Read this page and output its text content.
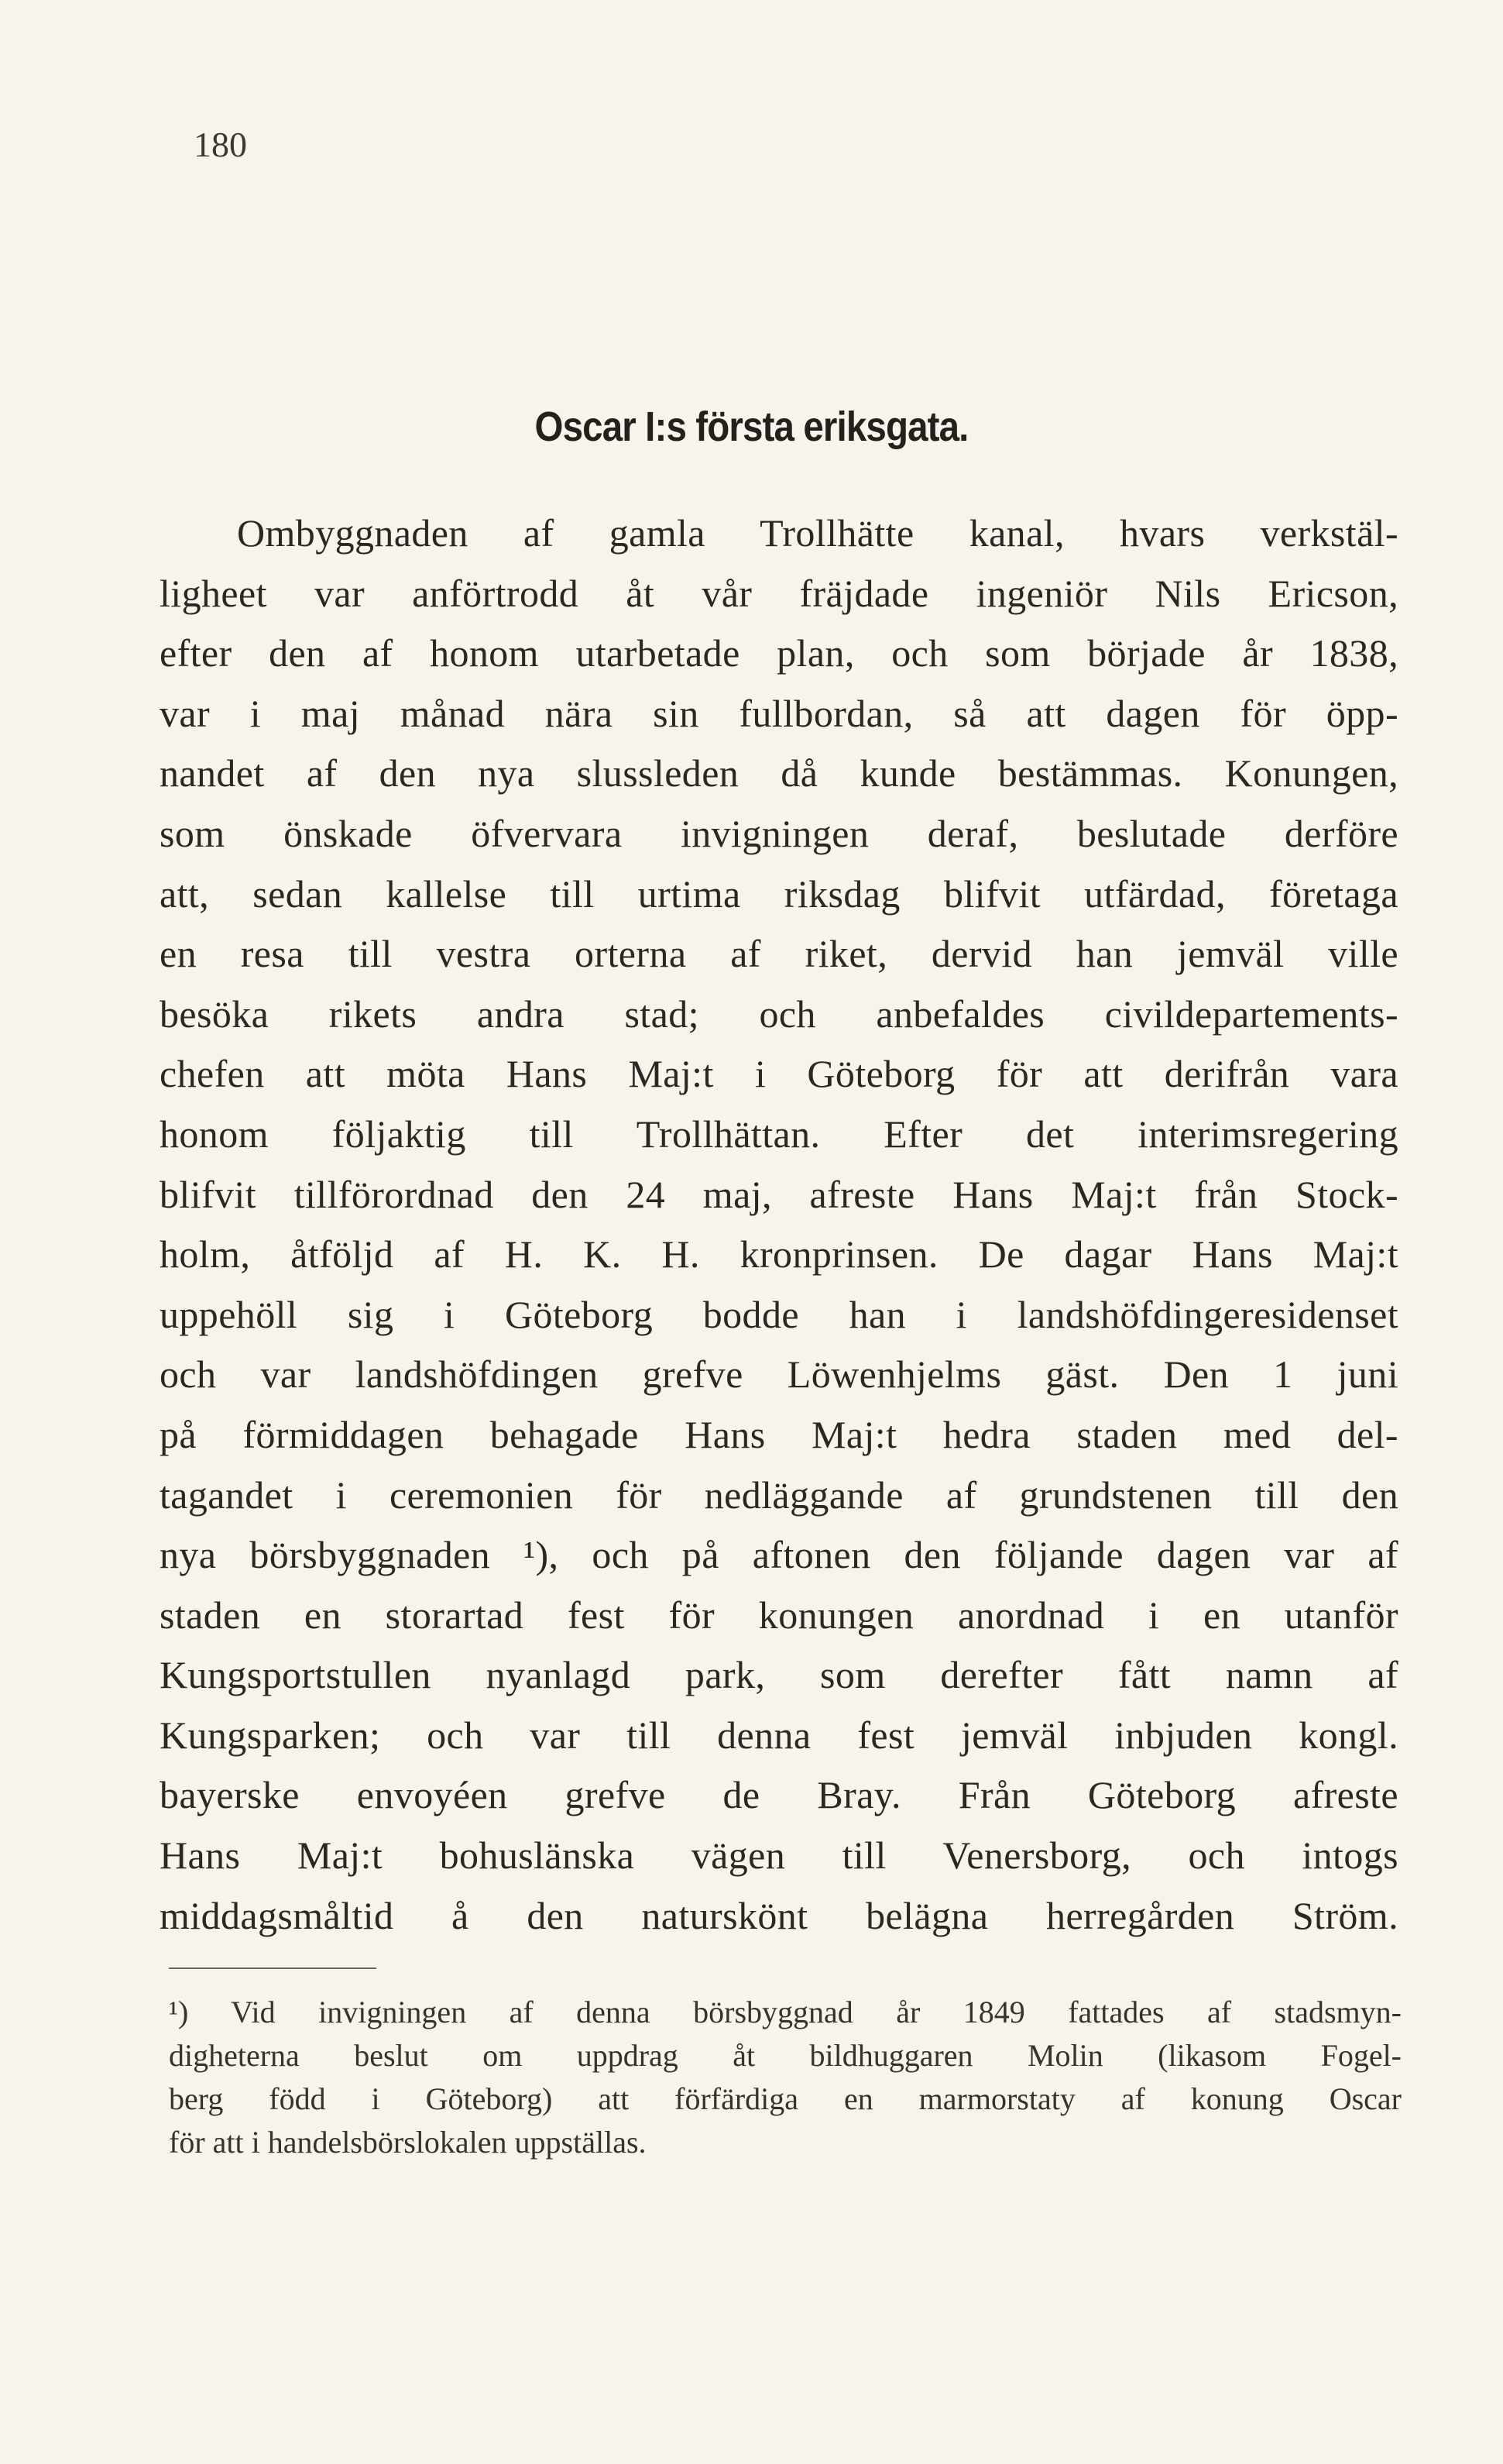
180
Oscar I:s första eriksgata.
Ombyggnaden af gamla Trollhätte kanal, hvars verkstäl-
ligheet var anförtrodd åt vår fräjdade ingeniör Nils Ericson,
efter den af honom utarbetade plan, och som började år 1838,
var i maj månad nära sin fullbordan, så att dagen för öpp-
nandet af den nya slussleden då kunde bestämmas. Konungen,
som önskade öfvervara invigningen deraf, beslutade derföre
att, sedan kallelse till urtima riksdag blifvit utfärdad, företaga
en resa till vestra orterna af riket, dervid han jemväl ville
besöka rikets andra stad; och anbefaldes civildepartements-
chefen att möta Hans Maj:t i Göteborg för att derifrån vara
honom följaktig till Trollhättan. Efter det interimsregering
blifvit tillförordnad den 24 maj, afreste Hans Maj:t från Stock-
holm, åtföljd af H. K. H. kronprinsen. De dagar Hans Maj:t
uppehöll sig i Göteborg bodde han i landshöfdingeresidenset
och var landshöfdingen grefve Löwenhjelms gäst. Den 1 juni
på förmiddagen behagade Hans Maj:t hedra staden med del-
tagandet i ceremonien för nedläggande af grundstenen till den
nya börsbyggnaden ¹), och på aftonen den följande dagen var af
staden en storartad fest för konungen anordnad i en utanför
Kungsportstullen nyanlagd park, som derefter fått namn af
Kungsparken; och var till denna fest jemväl inbjuden kongl.
bayerske envoyéen grefve de Bray. Från Göteborg afreste
Hans Maj:t bohuslänska vägen till Venersborg, och intogs
middagsmåltid å den naturskönt belägna herregården Ström.
¹) Vid invigningen af denna börsbyggnad år 1849 fattades af stadsmyn-
digheterna beslut om uppdrag åt bildhuggaren Molin (likasom Fogel-
berg född i Göteborg) att förfärdiga en marmorstaty af konung Oscar
för att i handelsbörslokalen uppställas.
